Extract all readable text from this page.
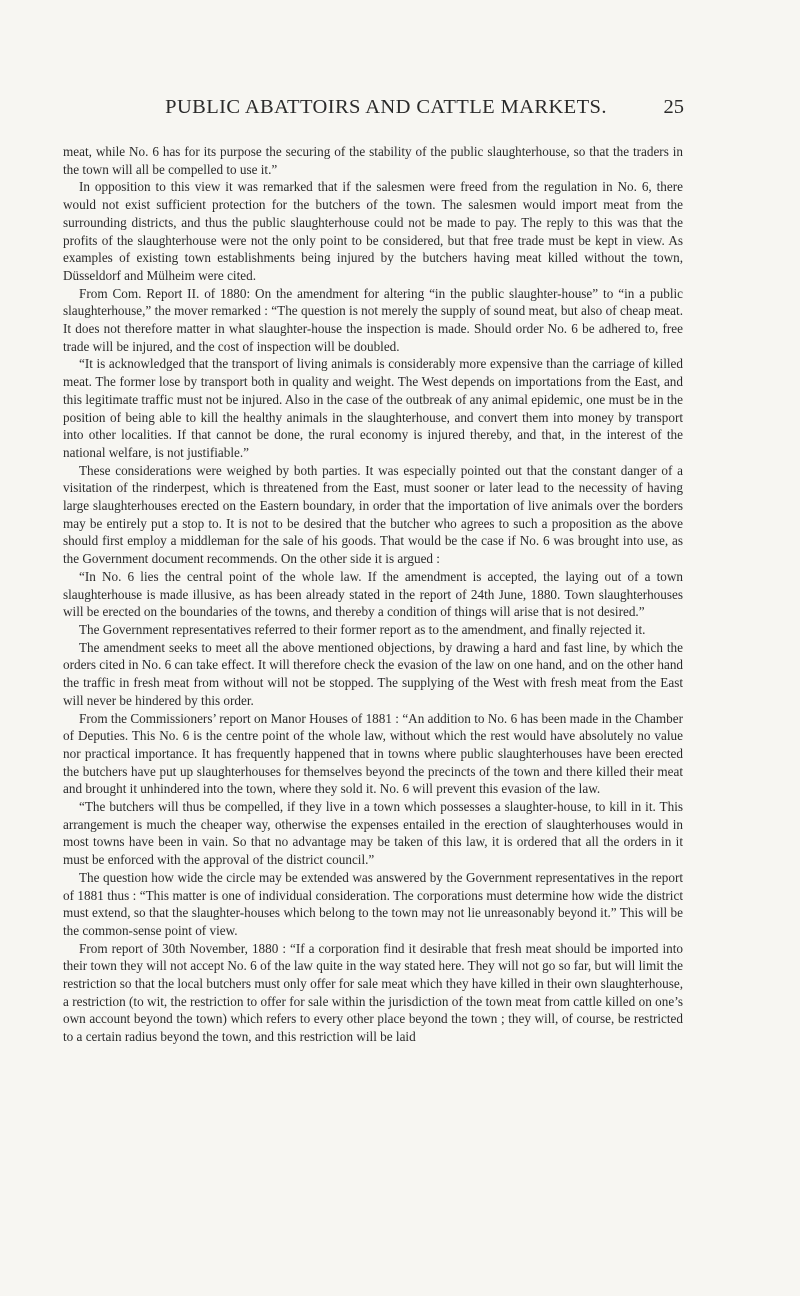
PUBLIC ABATTOIRS AND CATTLE MARKETS.	25

meat, while No. 6 has for its purpose the securing of the stability of the public slaughterhouse, so that the traders in the town will all be compelled to use it.”

In opposition to this view it was remarked that if the salesmen were freed from the regulation in No. 6, there would not exist sufficient protection for the butchers of the town. The salesmen would import meat from the surrounding districts, and thus the public slaughterhouse could not be made to pay. The reply to this was that the profits of the slaughterhouse were not the only point to be considered, but that free trade must be kept in view. As examples of existing town establishments being injured by the butchers having meat killed without the town, Düsseldorf and Mülheim were cited.

From Com. Report II. of 1880: On the amendment for altering “in the public slaughter-house” to “in a public slaughterhouse,” the mover remarked : “The question is not merely the supply of sound meat, but also of cheap meat. It does not therefore matter in what slaughter-house the inspection is made. Should order No. 6 be adhered to, free trade will be injured, and the cost of inspection will be doubled.

“It is acknowledged that the transport of living animals is considerably more expensive than the carriage of killed meat. The former lose by transport both in quality and weight. The West depends on importations from the East, and this legitimate traffic must not be injured. Also in the case of the outbreak of any animal epidemic, one must be in the position of being able to kill the healthy animals in the slaughterhouse, and convert them into money by transport into other localities. If that cannot be done, the rural economy is injured thereby, and that, in the interest of the national welfare, is not justifiable.”

These considerations were weighed by both parties. It was especially pointed out that the constant danger of a visitation of the rinderpest, which is threatened from the East, must sooner or later lead to the necessity of having large slaughterhouses erected on the Eastern boundary, in order that the importation of live animals over the borders may be entirely put a stop to. It is not to be desired that the butcher who agrees to such a proposition as the above should first employ a middleman for the sale of his goods. That would be the case if No. 6 was brought into use, as the Government document recommends. On the other side it is argued :

“In No. 6 lies the central point of the whole law. If the amendment is accepted, the laying out of a town slaughterhouse is made illusive, as has been already stated in the report of 24th June, 1880. Town slaughterhouses will be erected on the boundaries of the towns, and thereby a condition of things will arise that is not desired.”

The Government representatives referred to their former report as to the amendment, and finally rejected it.

The amendment seeks to meet all the above mentioned objections, by drawing a hard and fast line, by which the orders cited in No. 6 can take effect. It will therefore check the evasion of the law on one hand, and on the other hand the traffic in fresh meat from without will not be stopped. The supplying of the West with fresh meat from the East will never be hindered by this order.

From the Commissioners’ report on Manor Houses of 1881 : “An addition to No. 6 has been made in the Chamber of Deputies. This No. 6 is the centre point of the whole law, without which the rest would have absolutely no value nor practical importance. It has frequently happened that in towns where public slaughterhouses have been erected the butchers have put up slaughterhouses for themselves beyond the precincts of the town and there killed their meat and brought it unhindered into the town, where they sold it. No. 6 will prevent this evasion of the law.

“The butchers will thus be compelled, if they live in a town which possesses a slaughter-house, to kill in it. This arrangement is much the cheaper way, otherwise the expenses entailed in the erection of slaughterhouses would in most towns have been in vain. So that no advantage may be taken of this law, it is ordered that all the orders in it must be enforced with the approval of the district council.”

The question how wide the circle may be extended was answered by the Government representatives in the report of 1881 thus : “This matter is one of individual consideration. The corporations must determine how wide the district must extend, so that the slaughter-houses which belong to the town may not lie unreasonably beyond it.” This will be the common-sense point of view.

From report of 30th November, 1880 : “If a corporation find it desirable that fresh meat should be imported into their town they will not accept No. 6 of the law quite in the way stated here. They will not go so far, but will limit the restriction so that the local butchers must only offer for sale meat which they have killed in their own slaughterhouse, a restriction (to wit, the restriction to offer for sale within the jurisdiction of the town meat from cattle killed on one’s own account beyond the town) which refers to every other place beyond the town ; they will, of course, be restricted to a certain radius beyond the town, and this restriction will be laid
